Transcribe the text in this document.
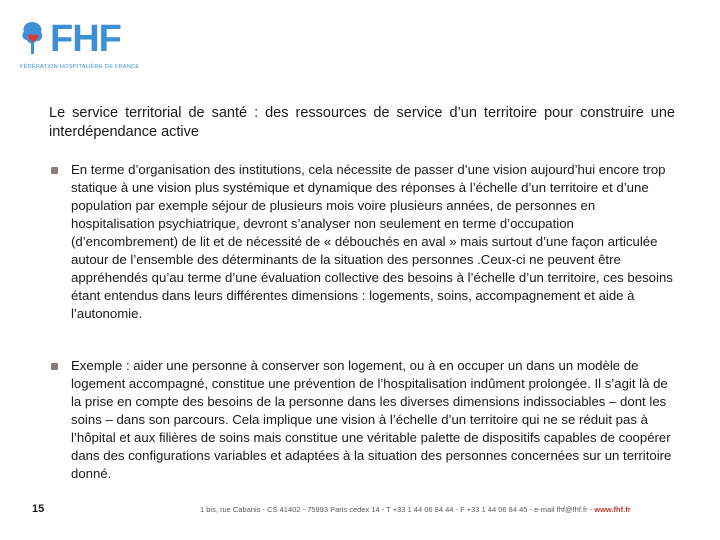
FHF
FÉDÉRATION HOSPITALIÈRE DE FRANCE
Le service territorial de santé : des ressources de service d’un territoire pour construire une interdépendance active
En terme d’organisation des institutions, cela nécessite de passer d’une vision aujourd’hui encore trop statique à une vision plus systémique et dynamique des réponses à l’échelle d’un territoire et d’une population par exemple séjour de plusieurs mois voire plusieurs années, de personnes en hospitalisation psychiatrique, devront s’analyser non seulement en terme d’occupation (d’encombrement) de lit et de nécessité de « débouchés en aval » mais surtout d’une façon articulée autour de l’ensemble des déterminants de la situation des personnes .Ceux-ci ne peuvent être appréhendés qu’au terme d’une évaluation collective des besoins à l’échelle d’un territoire, ces besoins étant entendus dans leurs différentes dimensions : logements, soins, accompagnement et aide à l’autonomie.
Exemple : aider une personne à conserver son logement, ou à en occuper un dans un modèle de logement accompagné, constitue une prévention de l’hospitalisation indûment prolongée. Il s’agit là de la prise en compte des besoins de la personne dans les diverses dimensions indissociables – dont les soins – dans son parcours. Cela implique une vision à l’échelle d’un territoire qui ne se réduit pas à l’hôpital et aux filières de soins mais constitue une véritable palette de dispositifs capables de coopérer dans des configurations variables et adaptées à la situation des personnes concernées sur un territoire donné.
15	1 bis, rue Cabanis - CS 41402 - 75993 Paris cedex 14 - T +33 1 44 06 84 44 - F +33 1 44 06 84 45 - e-mail fhf@fhf.fr - www.fhf.fr
